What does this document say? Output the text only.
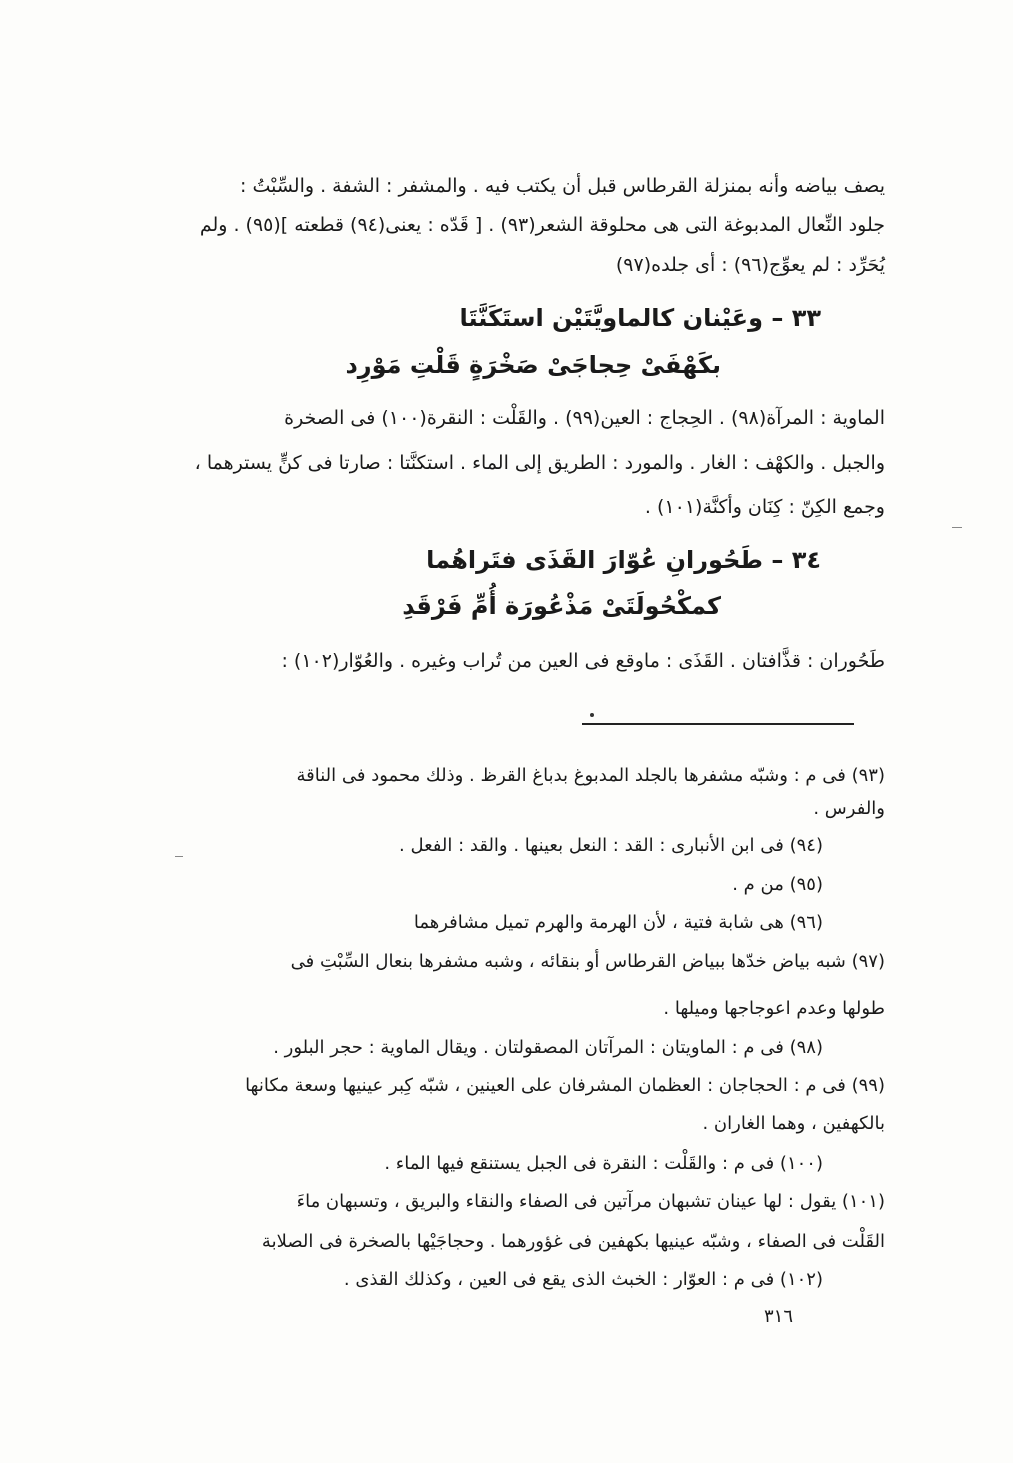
يصف بياضه وأنه بمنزلة القرطاس قبل أن يكتب فيه . والمشفر : الشفة . والسِّبْتُ :
جلود النِّعال المدبوغة التى هى محلوقة الشعر(٩٣) . [ قَدّه : يعنى(٩٤) قطعته ](٩٥) . ولم
يُحَرِّد : لم يعوِّج(٩٦) : أى جلده(٩٧)
٣٣ – وعَيْنان كالماويَّتَيْن استَكَنَّتَا
بكَهْفَىْ حِجاجَىْ صَخْرَةٍ قَلْتِ مَوْرِد
الماوية : المرآة(٩٨) . الحِجاج : العين(٩٩) . والقَلْت : النقرة(١٠٠) فى الصخرة
والجبل . والكهْف : الغار . والمورد : الطريق إلى الماء . استكنَّتا : صارتا فى كنٍّ يسترهما ،
وجمع الكِنّ : كِنَان وأكنَّة(١٠١) .
٣٤ – طَحُورانِ عُوّارَ القَذَى فتَراهُما
كمكْحُولَتَىْ مَذْعُورَة أُمِّ فَرْقَدِ
طَحُوران : قذَّافتان . القَذَى : ماوقع فى العين من تُراب وغيره . والعُوّار(١٠٢) :
(٩٣) فى م : وشبّه مشفرها بالجلد المدبوغ بدباغ القرظ . وذلك محمود فى الناقة
والفرس .
(٩٤) فى ابن الأنبارى : القد : النعل بعينها . والقد : الفعل .
(٩٥) من م .
(٩٦) هى شابة فتية ، لأن الهرمة والهرم تميل مشافرهما
(٩٧) شبه بياض خدّها ببياض القرطاس أو بنقائه ، وشبه مشفرها بنعال السِّبْتِ فى
طولها وعدم اعوجاجها وميلها .
(٩٨) فى م : الماويتان : المرآتان المصقولتان . ويقال الماوية : حجر البلور .
(٩٩) فى م : الحجاجان : العظمان المشرفان على العينين ، شبّه كِبر عينيها وسعة مكانها
بالكهفين ، وهما الغاران .
(١٠٠) فى م : والقَلْت : النقرة فى الجبل يستنقع فيها الماء .
(١٠١) يقول : لها عينان تشبهان مرآتين فى الصفاء والنقاء والبريق ، وتسبهان ماءَ
القَلْت فى الصفاء ، وشبّه عينيها بكهفين فى غؤورهما . وحجاجَيْها بالصخرة فى الصلابة
(١٠٢) فى م : العوّار : الخبث الذى يقع فى العين ، وكذلك القذى .
٣١٦
